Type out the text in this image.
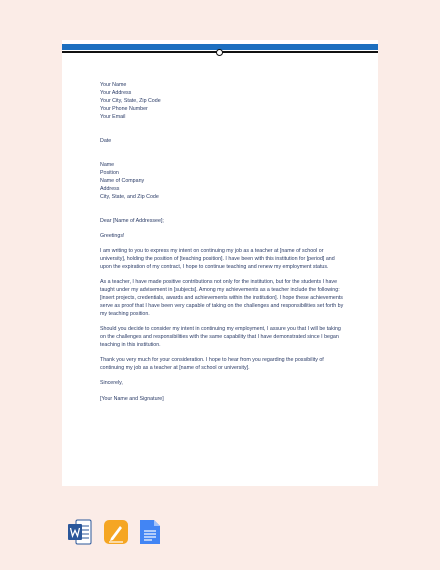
Your Name

Your Address

Your City, State, Zip Code

Your Phone Number

Your Email

Date

Name

Position

Name of Company

Address

City, State, and Zip Code

Dear [Name of Addressee];

Greetings!

I am writing to you to express my intent on continuing my job as a teacher at [name of school or university], holding the position of [teaching position]. I have been with this institution for [period] and upon the expiration of my contract, I hope to continue teaching and renew my employment status.

As a teacher, I have made positive contributions not only for the institution, but for the students I have taught under my advisement in [subjects]. Among my achievements as a teacher include the following: [insert projects, credentials, awards and achievements within the institution]. I hope these achievements serve as proof that I have been very capable of taking on the challenges and responsibilities set forth by my teaching position.

Should you decide to consider my intent in continuing my employment, I assure you that I will be taking on the challenges and responsibilities with the same capability that I have demonstrated since I began teaching in this institution.

Thank you very much for your consideration. I hope to hear from you regarding the possibility of continuing my job as a teacher at [name of school or university].

Sincerely,

[Your Name and Signature]
